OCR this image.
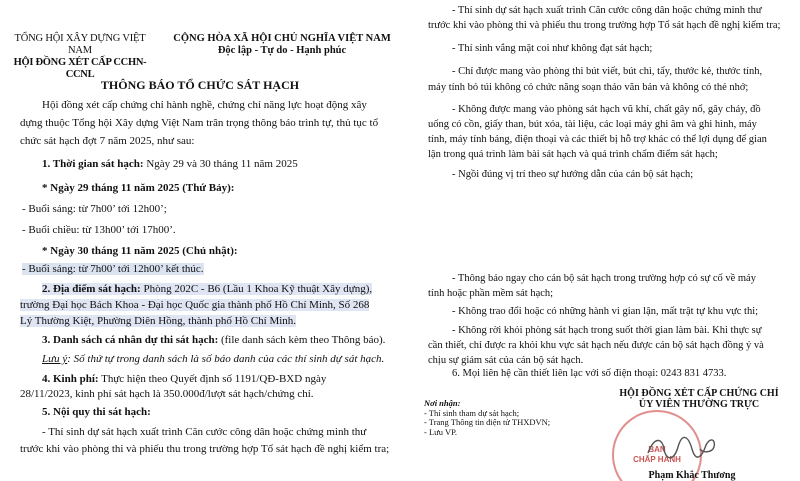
TỔNG HỘI XÂY DỰNG VIỆT NAM
HỘI ĐỒNG XÉT CẤP CCHN-CCNL
CỘNG HÒA XÃ HỘI CHỦ NGHĨA VIỆT NAM
Độc lập - Tự do - Hạnh phúc
THÔNG BÁO TỔ CHỨC SÁT HẠCH

Hội đồng xét cấp chứng chỉ hành nghề, chứng chỉ năng lực hoạt động xây

dựng thuộc Tổng hội Xây dựng Việt Nam trân trọng thông báo trình tự, thủ tục tổ

chức sát hạch đợt 7 năm 2025, như sau:

1. Thời gian sát hạch: Ngày 29 và 30 tháng 11 năm 2025

* Ngày 29 tháng 11 năm 2025 (Thứ Bảy):

- Buổi sáng: từ 7h00’ tới 12h00’;

- Buổi chiều: từ 13h00’ tới 17h00’.

* Ngày 30 tháng 11 năm 2025 (Chủ nhật):

- Buổi sáng: từ 7h00’ tới 12h00’ kết thúc.

2. Địa điểm sát hạch: Phòng 202C - B6 (Lầu 1 Khoa Kỹ thuật Xây dựng),

trường Đại học Bách Khoa - Đại học Quốc gia thành phố Hồ Chí Minh, Số 268

Lý Thường Kiệt, Phường Diên Hồng, thành phố Hồ Chí Minh.

3. Danh sách cá nhân dự thi sát hạch: (file danh sách kèm theo Thông báo).

Lưu ý: Số thứ tự trong danh sách là số báo danh của các thí sinh dự sát hạch.

4. Kinh phí: Thực hiện theo Quyết định số 1191/QĐ-BXD ngày

28/11/2023, kinh phí sát hạch là 350.000đ/lượt sát hạch/chứng chỉ.

5. Nội quy thi sát hạch:

- Thí sinh dự sát hạch xuất trình Căn cước công dân hoặc chứng minh thư

trước khi vào phòng thi và phiếu thu trong trường hợp Tổ sát hạch đề nghị kiểm tra;

- Thí sinh dự sát hạch xuất trình Căn cước công dân hoặc chứng minh thư

trước khi vào phòng thi và phiếu thu trong trường hợp Tổ sát hạch đề nghị kiểm tra;

- Thí sinh vắng mặt coi như không đạt sát hạch;

- Chỉ được mang vào phòng thi bút viết, bút chì, tẩy, thước kẻ, thước tính,

máy tính bỏ túi không có chức năng soạn thảo văn bản và không có thẻ nhớ;

- Không được mang vào phòng sát hạch vũ khí, chất gây nổ, gây cháy, đồ

uống có cồn, giấy than, bút xóa, tài liệu, các loại máy ghi âm và ghi hình, máy

tính, máy tính bảng, điện thoại và các thiết bị hỗ trợ khác có thể lợi dụng để gian

lận trong quá trình làm bài sát hạch và quá trình chấm điểm sát hạch;

- Ngồi đúng vị trí theo sự hướng dẫn của cán bộ sát hạch;

- Thông báo ngay cho cán bộ sát hạch trong trường hợp có sự cố về máy

tính hoặc phần mềm sát hạch;

- Không trao đổi hoặc có những hành vi gian lận, mất trật tự khu vực thi;

- Không rời khỏi phòng sát hạch trong suốt thời gian làm bài. Khi thực sự

cần thiết, chỉ được ra khỏi khu vực sát hạch nếu được cán bộ sát hạch đồng ý và

chịu sự giám sát của cán bộ sát hạch.

6. Mọi liên hệ cần thiết liên lạc với số điện thoại: 0243 831 4733.

HỘI ĐỒNG XÉT CẤP CHỨNG CHỈ
ỦY VIÊN THƯỜNG TRỰC
Nơi nhận:
- Thí sinh tham dự sát hạch;
- Trang Thông tin điện tử THXDVN;
- Lưu VP.
BAN
CHẤP HÀNH
Phạm Khắc Thương
